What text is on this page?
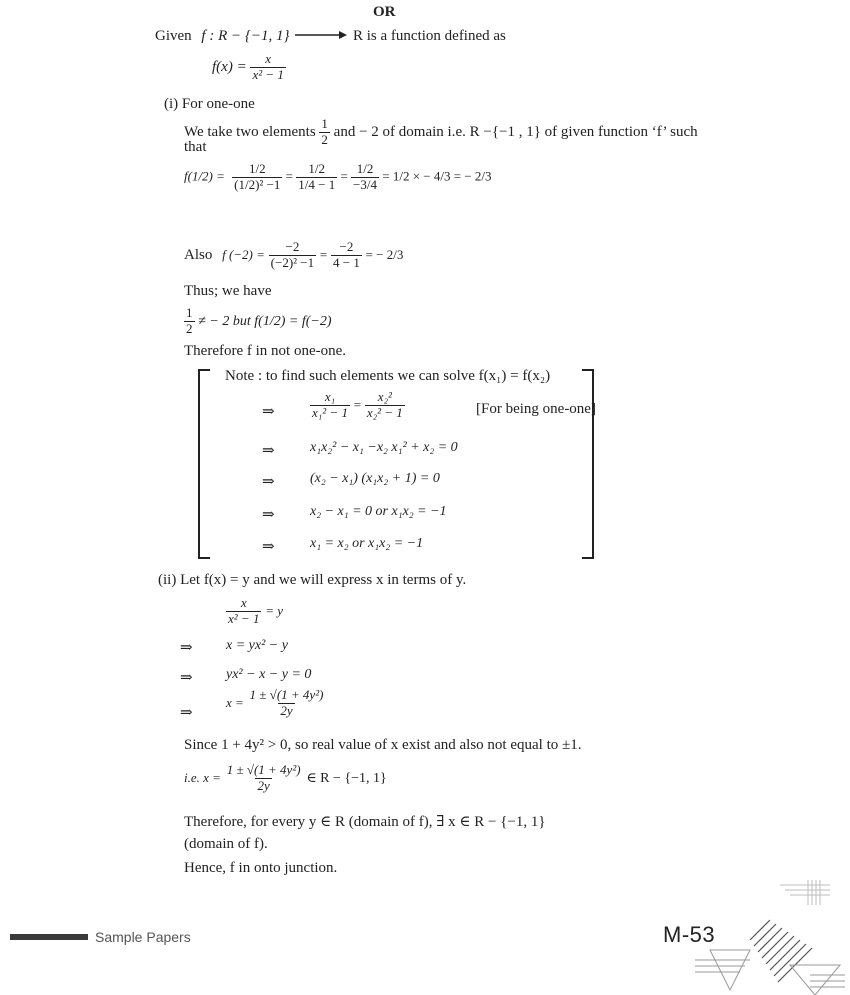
OR
Given f : R − {−1, 1}	R is a function defined as
$f(x) = \frac{x}{\text{x² − 1}}$
(i) For one-one
We take two elements $\frac{1}{2}$ and − 2 of domain i.e. R −{−1 , 1} of given function ‘f’ such
that
$f(1/2) = \frac{1/2}{\text{(1/2)² −1}} = \frac{1/2}{1/4 - 1} = \frac{1/2}{-3/4} = 1/2$ × − 4/3 = − 2/3
Also f $(-2) = \frac{-2}{\text{(−2)² −1}} = \frac{-2}{4 - 1}$ = − 2/3
Thus; we have
$\frac{1}{2}$ ≠ − 2 but f(1/2) = f(−2)
Therefore f in not one-one.
Note : to find such elements we can solve f(x₁) = f(x₂)
⇒	$\frac{\text{x₁}}{\text{x₁² − 1}} = \frac{\text{x₂²}}{\text{x₂² − 1}}$	[For being one-one]
⇒	x₁x₂² − x₁ −x₂ x₁² + x₂ = 0
⇒	(x₂ − x₁) (x₁x₂ + 1) = 0
⇒	x₂ − x₁ = 0 or x₁x₂ = −1
⇒	x₁ = x₂ or x₁x₂ = −1
(ii) Let f(x) = y and we will express x in terms of y.
$\frac{x}{\text{x² − 1}} = y$
⇒ x = yx² − y
⇒ yx² − x − y = 0
⇒
$x = \frac{\text{1 ± √(1 + 4y²)}}{2y}$
Since 1 + 4y² > 0, so real value of x exist and also not equal to ±1.
i.e. $x = \frac{\text{1 ± √(1 + 4y²)}}{2y}$ ∈ R − {−1, 1}
Therefore, for every y ∈ R (domain of f), ∃ x ∈ R − {−1, 1}
(domain of f).
Hence, f in onto junction.
Sample Papers	M-53
